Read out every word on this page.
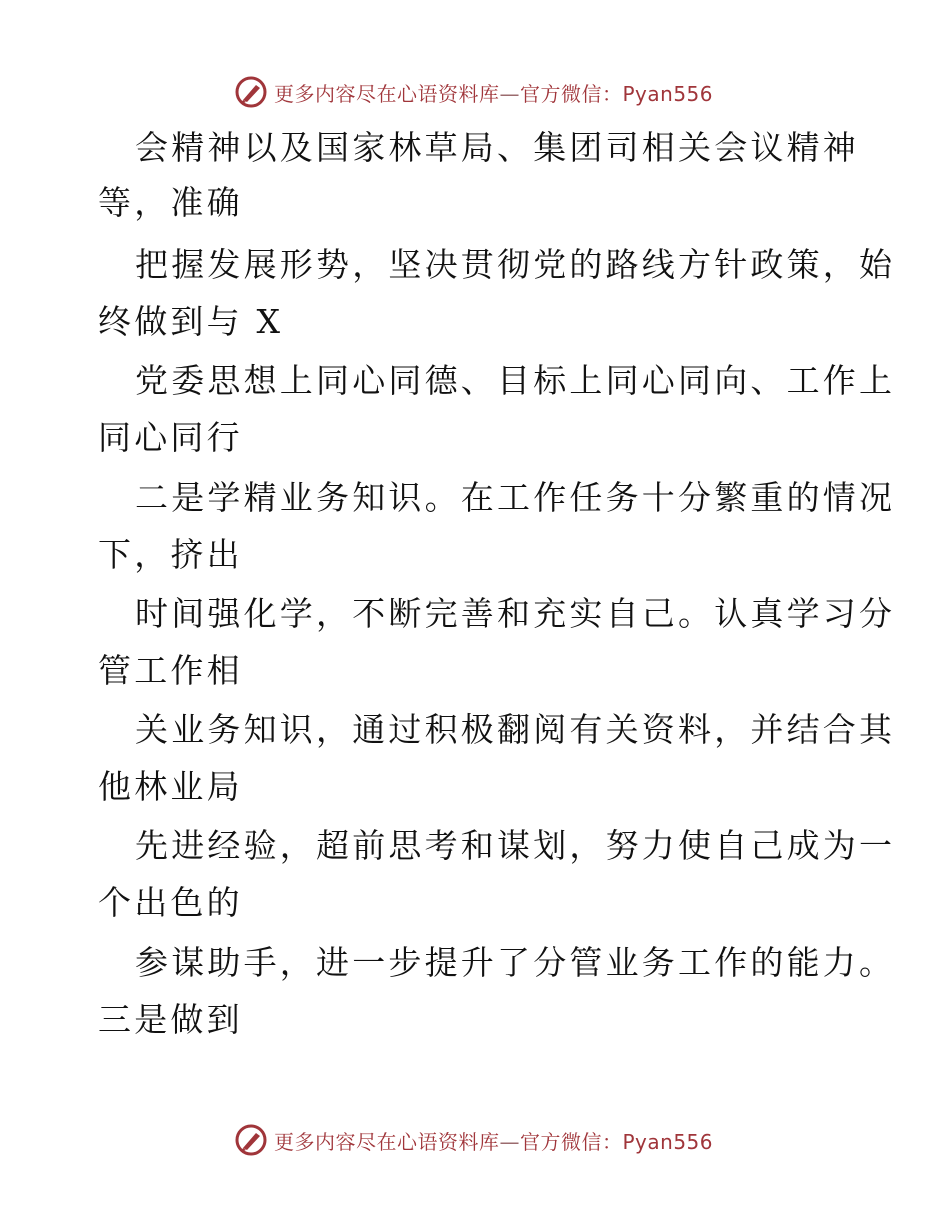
更多内容尽在心语资料库—官方微信：Pyan556
会精神以及国家林草局、集团司相关会议精神
等，准确
把握发展形势，坚决贯彻党的路线方针政策，始
终做到与 X
党委思想上同心同德、目标上同心同向、工作上
同心同行
二是学精业务知识。在工作任务十分繁重的情况
下，挤出
时间强化学，不断完善和充实自己。认真学习分
管工作相
关业务知识，通过积极翻阅有关资料，并结合其
他林业局
先进经验，超前思考和谋划，努力使自己成为一
个出色的
参谋助手，进一步提升了分管业务工作的能力。
三是做到
更多内容尽在心语资料库—官方微信：Pyan556
